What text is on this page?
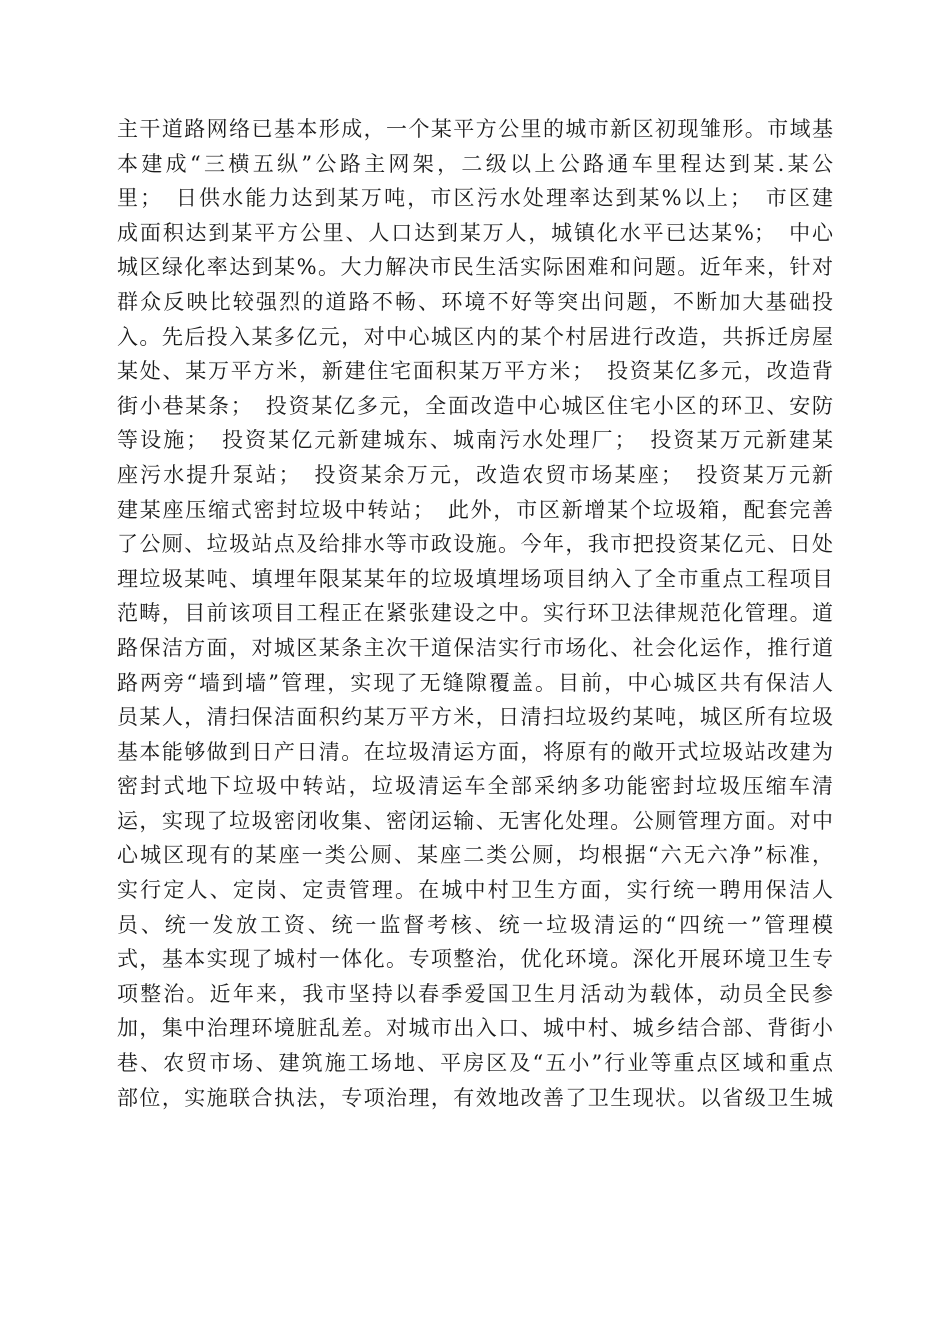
主干道路网络已基本形成，一个某平方公里的城市新区初现雏形。市域基
本建成“三横五纵”公路主网架，二级以上公路通车里程达到某.某公
里；　日供水能力达到某万吨，市区污水处理率达到某%以上；　市区建
成面积达到某平方公里、人口达到某万人，城镇化水平已达某%；　中心
城区绿化率达到某%。大力解决市民生活实际困难和问题。近年来，针对
群众反映比较强烈的道路不畅、环境不好等突出问题，不断加大基础投
入。先后投入某多亿元，对中心城区内的某个村居进行改造，共拆迁房屋
某处、某万平方米，新建住宅面积某万平方米；　投资某亿多元，改造背
街小巷某条；　投资某亿多元，全面改造中心城区住宅小区的环卫、安防
等设施；　投资某亿元新建城东、城南污水处理厂；　投资某万元新建某
座污水提升泵站；　投资某余万元，改造农贸市场某座；　投资某万元新
建某座压缩式密封垃圾中转站；　此外，市区新增某个垃圾箱，配套完善
了公厕、垃圾站点及给排水等市政设施。今年，我市把投资某亿元、日处
理垃圾某吨、填埋年限某某年的垃圾填埋场项目纳入了全市重点工程项目
范畴，目前该项目工程正在紧张建设之中。实行环卫法律规范化管理。道
路保洁方面，对城区某条主次干道保洁实行市场化、社会化运作，推行道
路两旁“墙到墙”管理，实现了无缝隙覆盖。目前，中心城区共有保洁人
员某人，清扫保洁面积约某万平方米，日清扫垃圾约某吨，城区所有垃圾
基本能够做到日产日清。在垃圾清运方面，将原有的敞开式垃圾站改建为
密封式地下垃圾中转站，垃圾清运车全部采纳多功能密封垃圾压缩车清
运，实现了垃圾密闭收集、密闭运输、无害化处理。公厕管理方面。对中
心城区现有的某座一类公厕、某座二类公厕，均根据“六无六净”标准，
实行定人、定岗、定责管理。在城中村卫生方面，实行统一聘用保洁人
员、统一发放工资、统一监督考核、统一垃圾清运的“四统一”管理模
式，基本实现了城村一体化。专项整治，优化环境。深化开展环境卫生专
项整治。近年来，我市坚持以春季爱国卫生月活动为载体，动员全民参
加，集中治理环境脏乱差。对城市出入口、城中村、城乡结合部、背街小
巷、农贸市场、建筑施工场地、平房区及“五小”行业等重点区域和重点
部位，实施联合执法，专项治理，有效地改善了卫生现状。以省级卫生城
